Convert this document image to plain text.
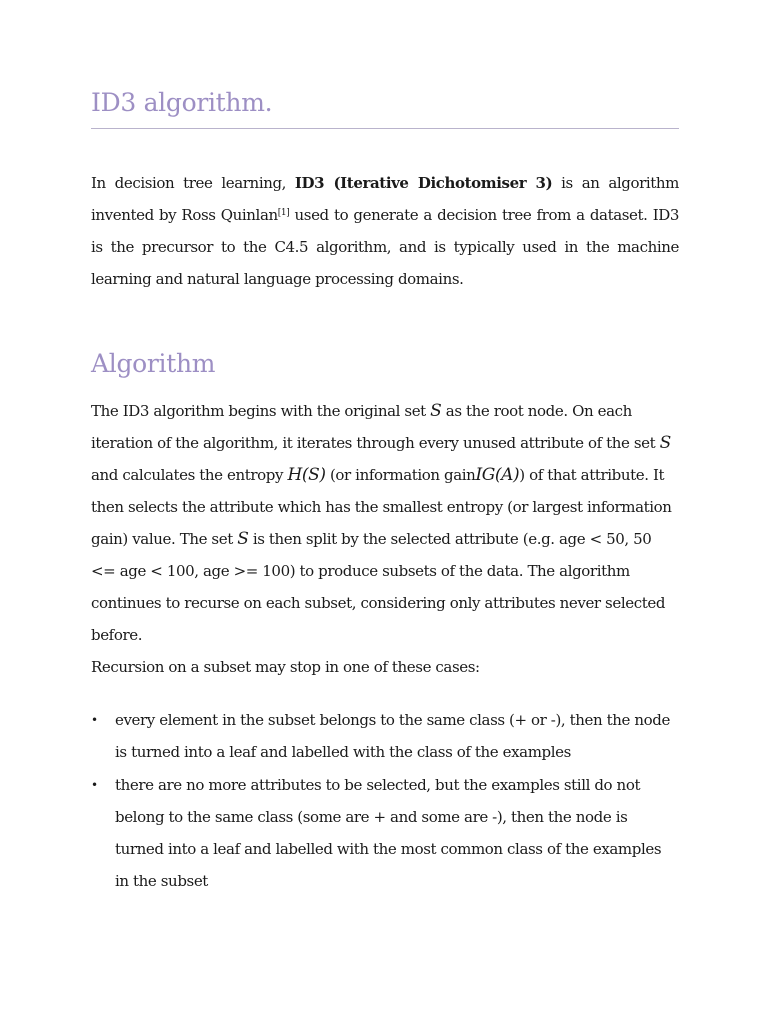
ID3 algorithm.

In decision tree learning, ID3 (Iterative Dichotomiser 3) is an algorithm invented by Ross Quinlan[1] used to generate a decision tree from a dataset. ID3 is the precursor to the C4.5 algorithm, and is typically used in the machine learning and natural language processing domains.

Algorithm

The ID3 algorithm begins with the original set S as the root node. On each iteration of the algorithm, it iterates through every unused attribute of the set S and calculates the entropy H(S) (or information gainIG(A)) of that attribute. It then selects the attribute which has the smallest entropy (or largest information gain) value. The set S is then split by the selected attribute (e.g. age < 50, 50 <= age < 100, age >= 100) to produce subsets of the data. The algorithm continues to recurse on each subset, considering only attributes never selected before.
Recursion on a subset may stop in one of these cases:

• every element in the subset belongs to the same class (+ or -), then the node is turned into a leaf and labelled with the class of the examples
• there are no more attributes to be selected, but the examples still do not belong to the same class (some are + and some are -), then the node is turned into a leaf and labelled with the most common class of the examples in the subset
